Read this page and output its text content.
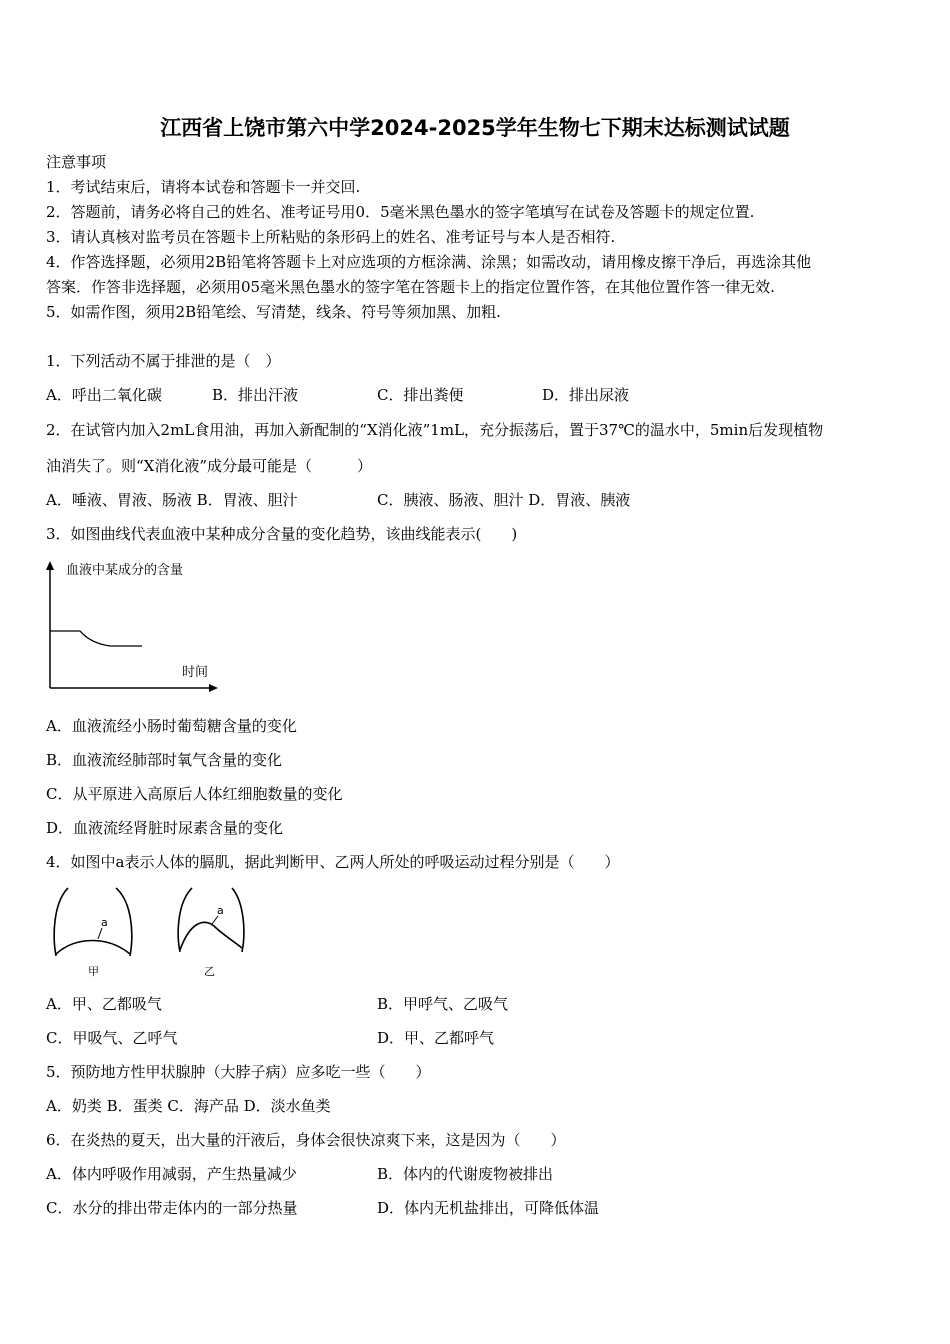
江西省上饶市第六中学2024-2025学年生物七下期末达标测试试题
注意事项
1．考试结束后，请将本试卷和答题卡一并交回.
2．答题前，请务必将自己的姓名、准考证号用0．5毫米黑色墨水的签字笔填写在试卷及答题卡的规定位置.
3．请认真核对监考员在答题卡上所粘贴的条形码上的姓名、准考证号与本人是否相符.
4．作答选择题，必须用2B铅笔将答题卡上对应选项的方框涂满、涂黑；如需改动，请用橡皮擦干净后，再选涂其他
答案．作答非选择题，必须用05毫米黑色墨水的签字笔在答题卡上的指定位置作答，在其他位置作答一律无效.
5．如需作图，须用2B铅笔绘、写清楚，线条、符号等须加黑、加粗.
1．下列活动不属于排泄的是（　）
A．呼出二氧化碳	B．排出汗液	C．排出粪便	D．排出尿液
2．在试管内加入2mL食用油，再加入新配制的“X消化液”1mL，充分振荡后，置于37℃的温水中，5min后发现植物
油消失了。则“X消化液”成分最可能是（　　　）
A．唾液、胃液、肠液 B．胃液、胆汁	C．胰液、肠液、胆汁 D．胃液、胰液
3．如图曲线代表血液中某种成分含量的变化趋势，该曲线能表示(　　)
血液中某成分的含量
时间
A．血液流经小肠时葡萄糖含量的变化
B．血液流经肺部时氧气含量的变化
C．从平原进入高原后人体红细胞数量的变化
D．血液流经肾脏时尿素含量的变化
4．如图中a表示人体的膈肌，据此判断甲、乙两人所处的呼吸运动过程分别是（　　）
a
甲
a
乙
A．甲、乙都吸气	B．甲呼气、乙吸气
C．甲吸气、乙呼气	D．甲、乙都呼气
5．预防地方性甲状腺肿（大脖子病）应多吃一些（　　）
A．奶类 B．蛋类 C．海产品 D．淡水鱼类
6．在炎热的夏天，出大量的汗液后，身体会很快凉爽下来，这是因为（　　）
A．体内呼吸作用减弱，产生热量减少	B．体内的代谢废物被排出
C．水分的排出带走体内的一部分热量	D．体内无机盐排出，可降低体温
